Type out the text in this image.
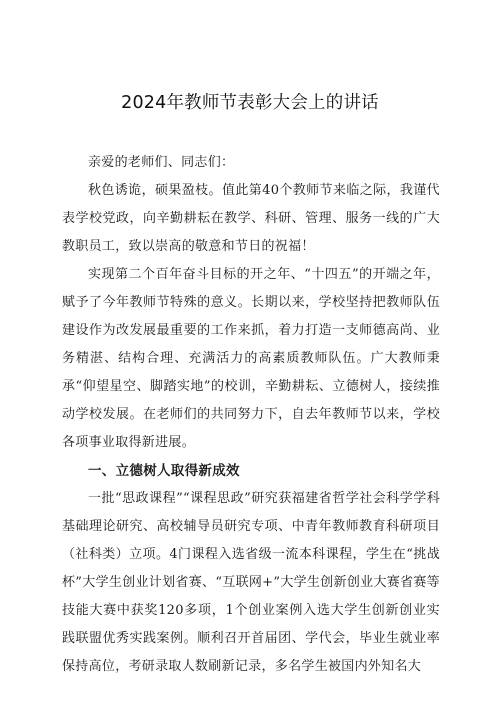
2024年教师节表彰大会上的讲话

亲爱的老师们、同志们：

秋色诱诡，硕果盈枝。值此第40个教师节来临之际，我谨代表学校党政，向辛勤耕耘在教学、科研、管理、服务一线的广大教职员工，致以崇高的敬意和节日的祝福！

实现第二个百年奋斗目标的开之年、“十四五”的开端之年，赋予了今年教师节特殊的意义。长期以来，学校坚持把教师队伍建设作为改发展最重要的工作来抓，着力打造一支师德高尚、业务精湛、结构合理、充满活力的高素质教师队伍。广大教师秉承“仰望星空、脚踏实地”的校训，辛勤耕耘、立德树人，接续推动学校发展。在老师们的共同努力下，自去年教师节以来，学校各项事业取得新进展。

一、立德树人取得新成效

一批“思政课程”“课程思政”研究获福建省哲学社会科学学科基础理论研究、高校辅导员研究专项、中青年教师教育科研项目（社科类）立项。4门课程入选省级一流本科课程，学生在“挑战杯”大学生创业计划省赛、“互联网+”大学生创新创业大赛省赛等技能大赛中获奖120多项，1个创业案例入选大学生创新创业实践联盟优秀实践案例。顺利召开首届团、学代会，毕业生就业率保持高位，考研录取人数刷新记录，多名学生被国内外知名大
